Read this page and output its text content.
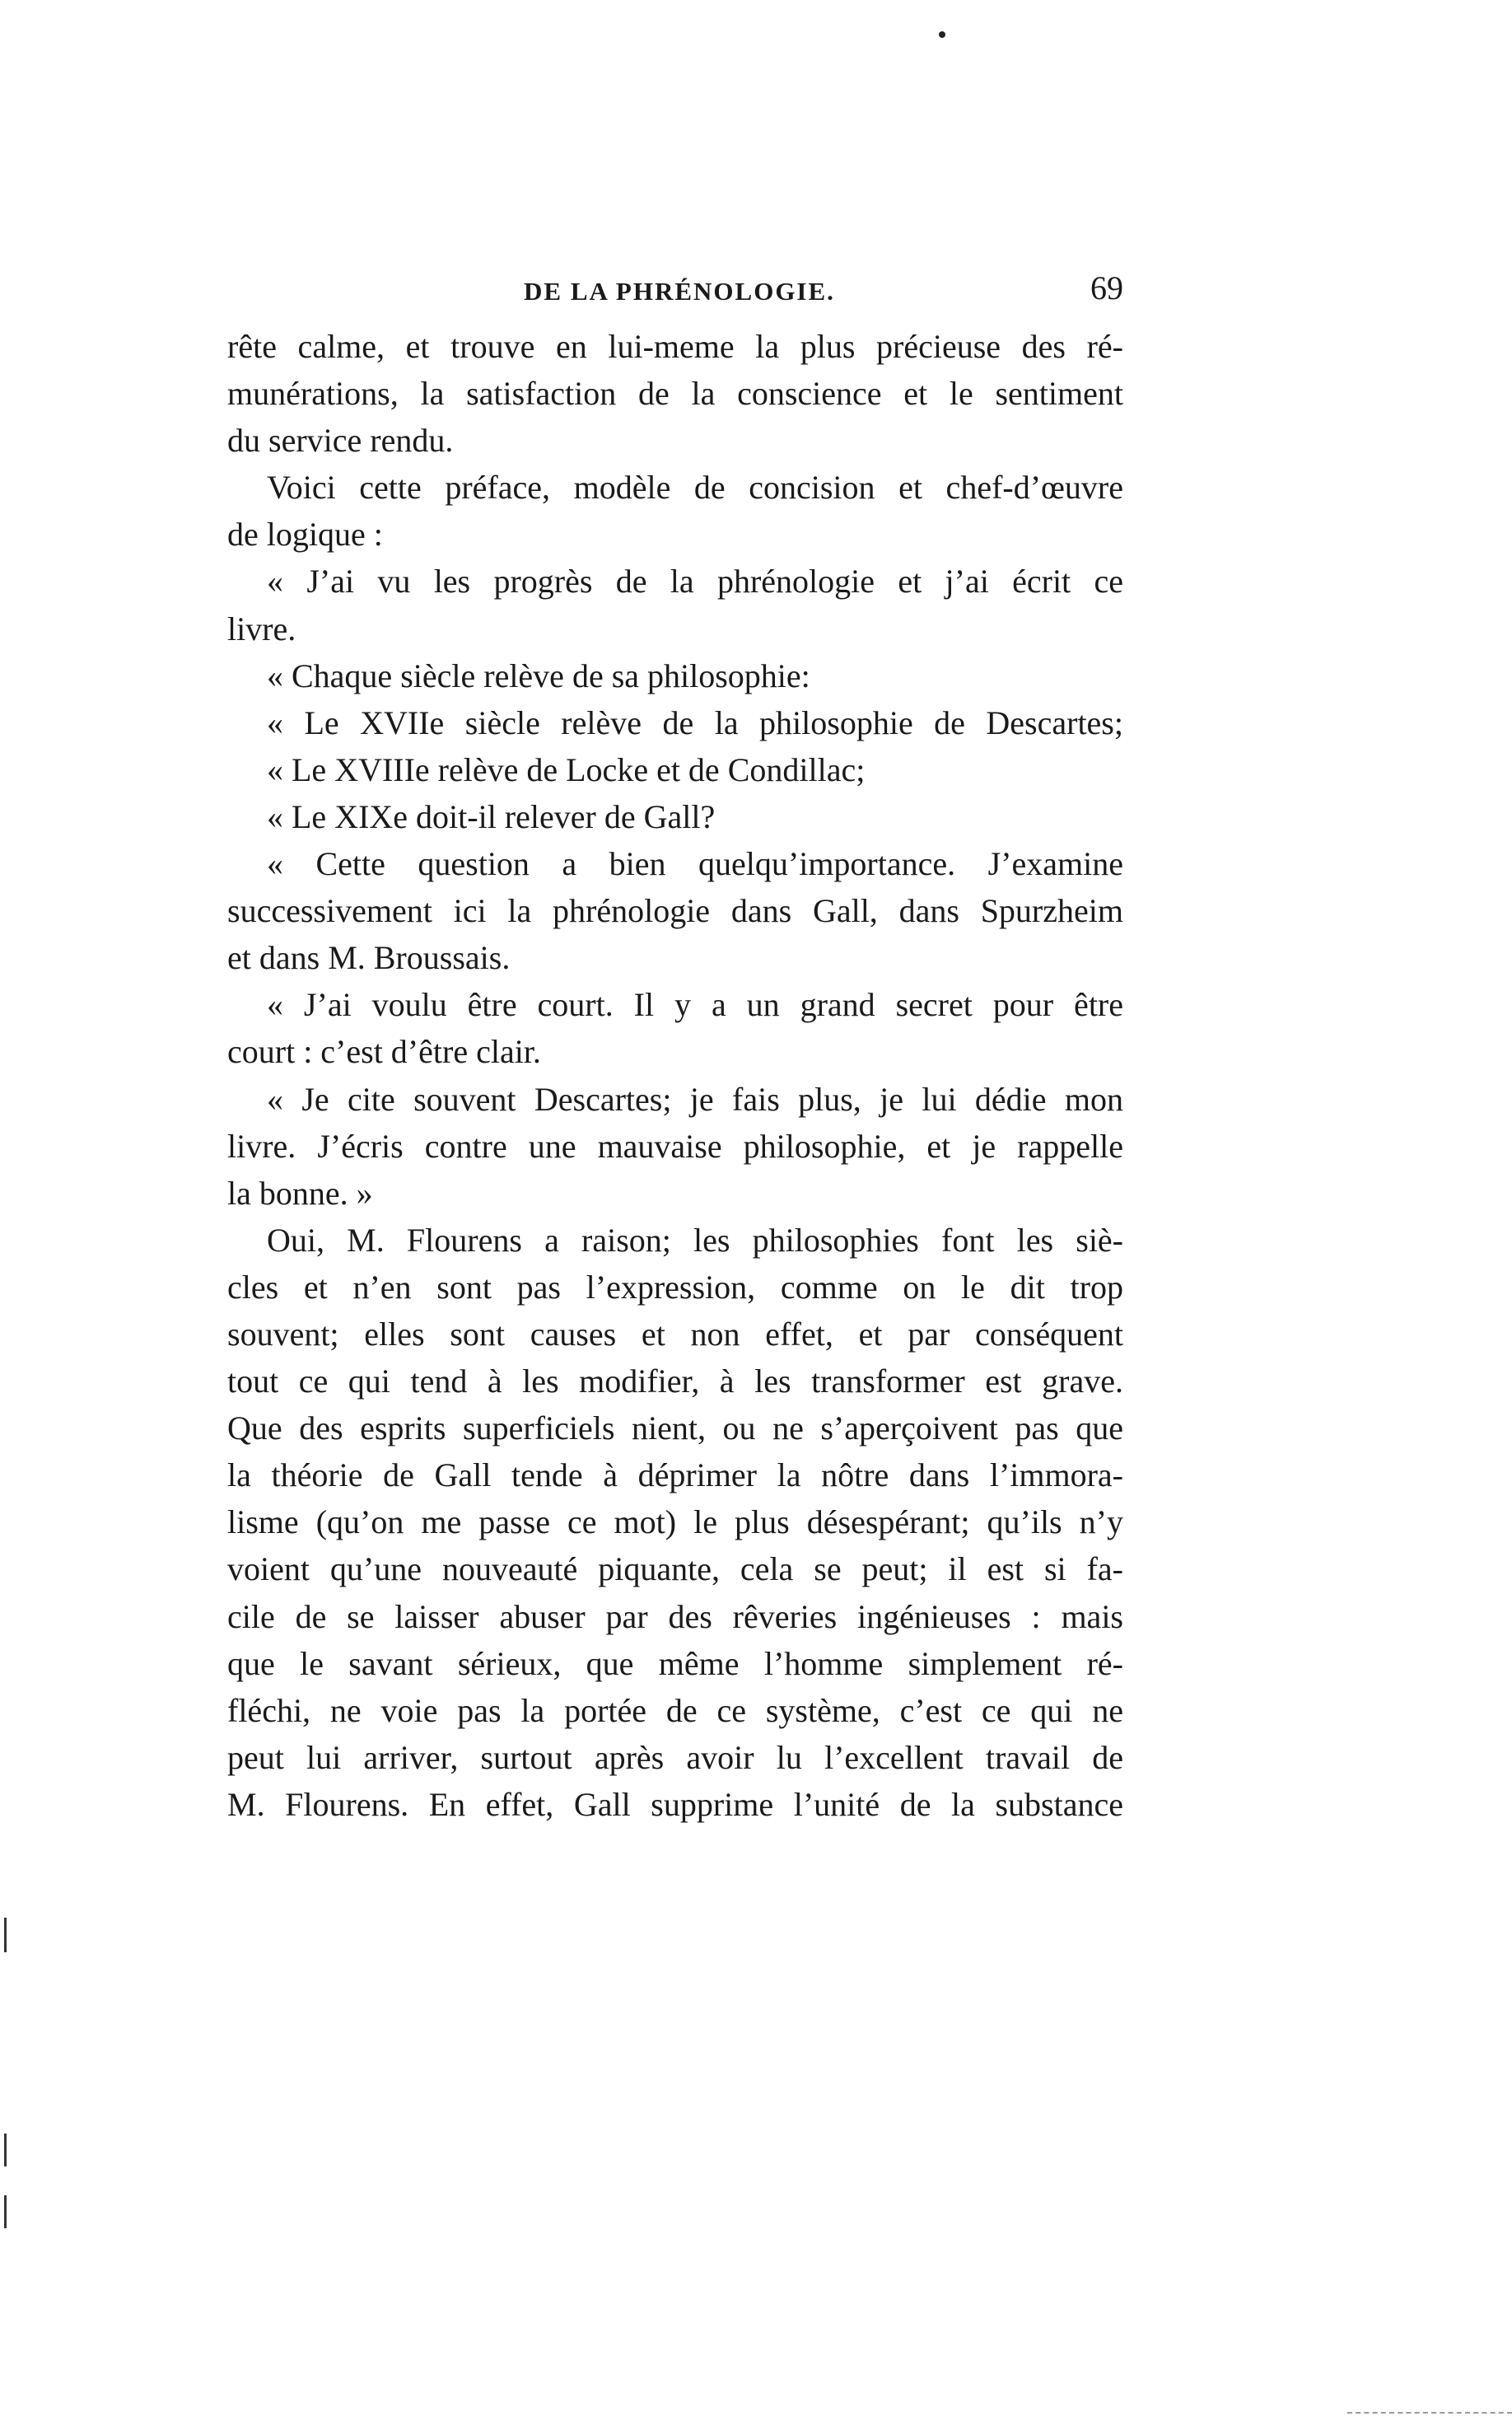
DE LA PHRÉNOLOGIE.	69
rête calme, et trouve en lui-meme la plus précieuse des ré-
munérations, la satisfaction de la conscience et le sentiment
du service rendu.
Voici cette préface, modèle de concision et chef-d’œuvre
de logique :
« J’ai vu les progrès de la phrénologie et j’ai écrit ce
livre.
« Chaque siècle relève de sa philosophie:
« Le XVIIe siècle relève de la philosophie de Descartes;
« Le XVIIIe relève de Locke et de Condillac;
« Le XIXe doit-il relever de Gall?
« Cette question a bien quelqu’importance. J’examine
successivement ici la phrénologie dans Gall, dans Spurzheim
et dans M. Broussais.
« J’ai voulu être court. Il y a un grand secret pour être
court : c’est d’être clair.
« Je cite souvent Descartes; je fais plus, je lui dédie mon
livre. J’écris contre une mauvaise philosophie, et je rappelle
la bonne. »
Oui, M. Flourens a raison; les philosophies font les siè-
cles et n’en sont pas l’expression, comme on le dit trop
souvent; elles sont causes et non effet, et par conséquent
tout ce qui tend à les modifier, à les transformer est grave.
Que des esprits superficiels nient, ou ne s’aperçoivent pas que
la théorie de Gall tende à déprimer la nôtre dans l’immora-
lisme (qu’on me passe ce mot) le plus désespérant; qu’ils n’y
voient qu’une nouveauté piquante, cela se peut; il est si fa-
cile de se laisser abuser par des rêveries ingénieuses : mais
que le savant sérieux, que même l’homme simplement ré-
fléchi, ne voie pas la portée de ce système, c’est ce qui ne
peut lui arriver, surtout après avoir lu l’excellent travail de
M. Flourens. En effet, Gall supprime l’unité de la substance
